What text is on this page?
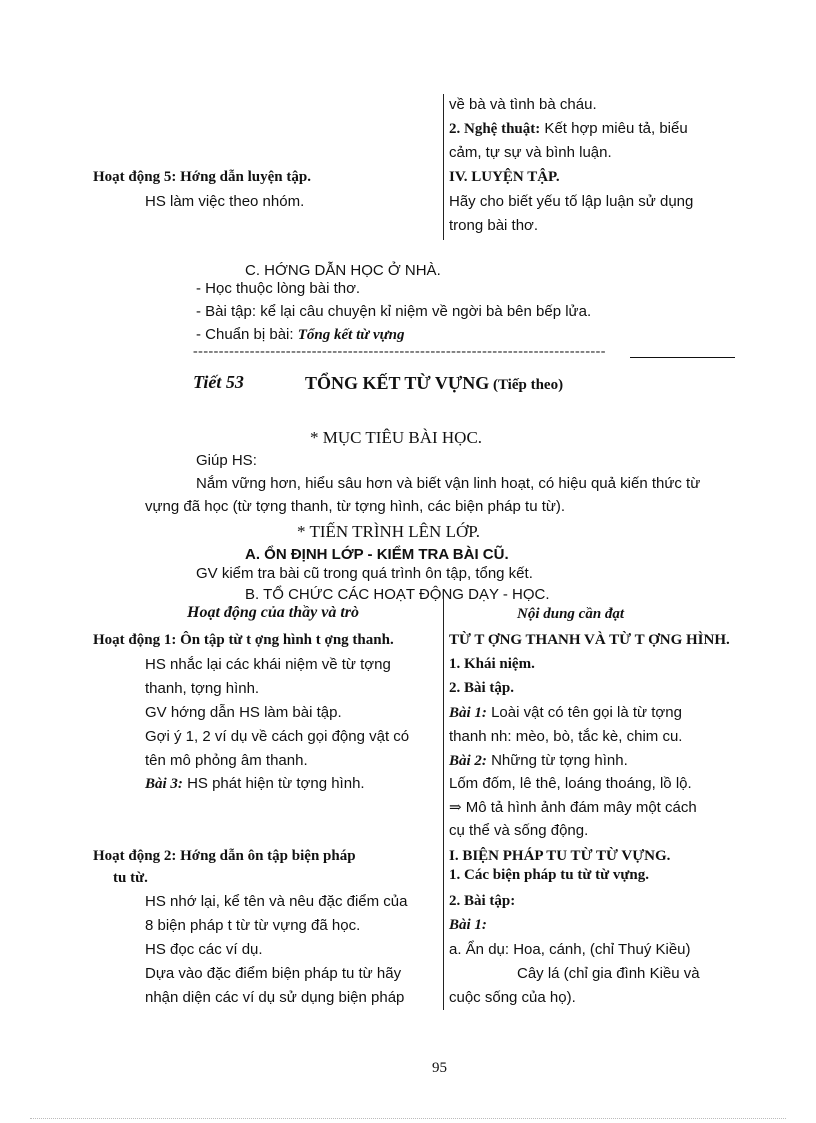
về bà và tình bà cháu.
2. Nghệ thuật: Kết hợp miêu tả, biểu
cảm, tự sự và bình luận.
Hoạt động 5: Hớng dẫn luyện tập.
HS làm việc theo nhóm.
IV. LUYỆN TẬP.
Hãy cho biết yếu tố lập luận sử dụng
trong bài thơ.
C. HỚNG DẪN HỌC Ở NHÀ.
- Học thuộc lòng bài thơ.
- Bài tập: kể lại câu chuyện kỉ niệm về ngời bà bên bếp lửa.
- Chuẩn bị bài: Tổng kết từ vựng
--------------------------------------------------------------------------------
Tiết 53	TỔNG KẾT TỪ VỰNG (Tiếp theo)
* MỤC TIÊU BÀI HỌC.
Giúp HS:
Nắm vững hơn, hiểu sâu hơn và biết vận linh hoạt, có hiệu quả kiến thức từ
vựng đã học (từ tợng thanh, từ tợng hình, các biện pháp tu từ).
* TIẾN TRÌNH LÊN LỚP.
A. ỔN ĐỊNH LỚP - KIỂM TRA BÀI CŨ.
GV kiểm tra bài cũ trong quá trình ôn tập, tổng kết.
B. TỔ CHỨC CÁC HOẠT ĐỘNG DẠY - HỌC.
Hoạt động của thầy và trò	Nội dung cần đạt
Hoạt động 1: Ôn tập từ t ợng hình t ợng thanh.
HS nhắc lại các khái niệm về từ tợng
thanh, tợng hình.
GV hớng dẫn HS làm bài tập.
Gợi ý 1, 2 ví dụ về cách gọi động vật có
tên mô phỏng âm thanh.
Bài 3: HS phát hiện từ tợng hình.
TỪ T ỢNG THANH VÀ TỪ T ỢNG HÌNH.
1. Khái niệm.
2. Bài tập.
Bài 1: Loài vật có tên gọi là từ tợng
thanh nh: mèo, bò, tắc kè, chim cu.
Bài 2: Những từ tợng hình.
Lốm đốm, lê thê, loáng thoáng, lồ lộ.
⇒ Mô tả hình ảnh đám mây một cách
cụ thể và sống động.
Hoạt động 2: Hớng dẫn ôn tập biện pháp
tu từ.
HS nhớ lại, kể tên và nêu đặc điểm của
8 biện pháp t từ từ vựng đã học.
HS đọc các ví dụ.
Dựa vào đặc điểm biện pháp tu từ hãy
nhận diện các ví dụ sử dụng biện pháp
I. BIỆN PHÁP TU TỪ TỪ VỰNG.
1. Các biện pháp tu từ từ vựng.
2. Bài tập:
Bài 1:
a. Ẩn dụ: Hoa, cánh, (chỉ Thuý Kiều)
Cây lá (chỉ gia đình Kiều và
cuộc sống của họ).
95
